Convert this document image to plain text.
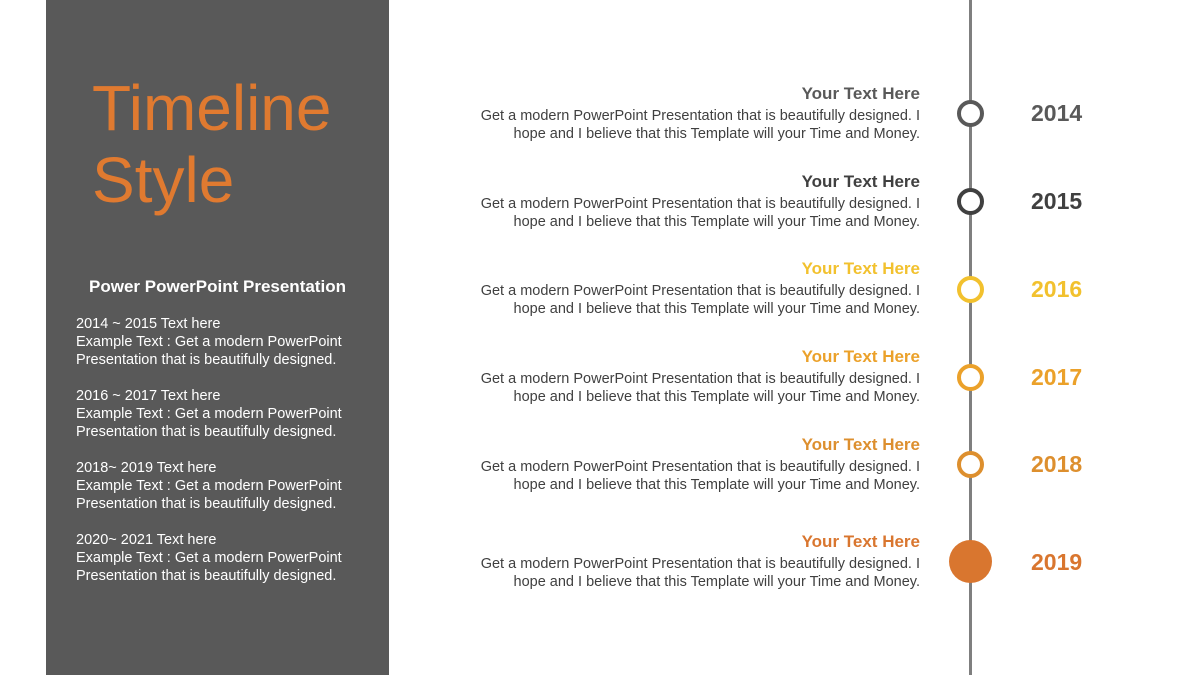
Power PowerPoint Presentation
2014 ~ 2015 Text here
Example Text : Get a modern PowerPoint
Presentation that is beautifully designed.
2016 ~ 2017 Text here
Example Text : Get a modern PowerPoint
Presentation that is beautifully designed.
2018~ 2019 Text here
Example Text : Get a modern PowerPoint
Presentation that is beautifully designed.
2020~ 2021 Text here
Example Text : Get a modern PowerPoint
Presentation that is beautifully designed.
Timeline
Style
Your Text Here
Get a modern PowerPoint Presentation that is beautifully designed. I
hope and I believe that this Template will your Time and Money.
2014
Your Text Here
Get a modern PowerPoint Presentation that is beautifully designed. I
hope and I believe that this Template will your Time and Money.
2015
Your Text Here
Get a modern PowerPoint Presentation that is beautifully designed. I
hope and I believe that this Template will your Time and Money.
2016
Your Text Here
Get a modern PowerPoint Presentation that is beautifully designed. I
hope and I believe that this Template will your Time and Money.
2017
Your Text Here
Get a modern PowerPoint Presentation that is beautifully designed. I
hope and I believe that this Template will your Time and Money.
2018
Your Text Here
Get a modern PowerPoint Presentation that is beautifully designed. I
hope and I believe that this Template will your Time and Money.
2019
